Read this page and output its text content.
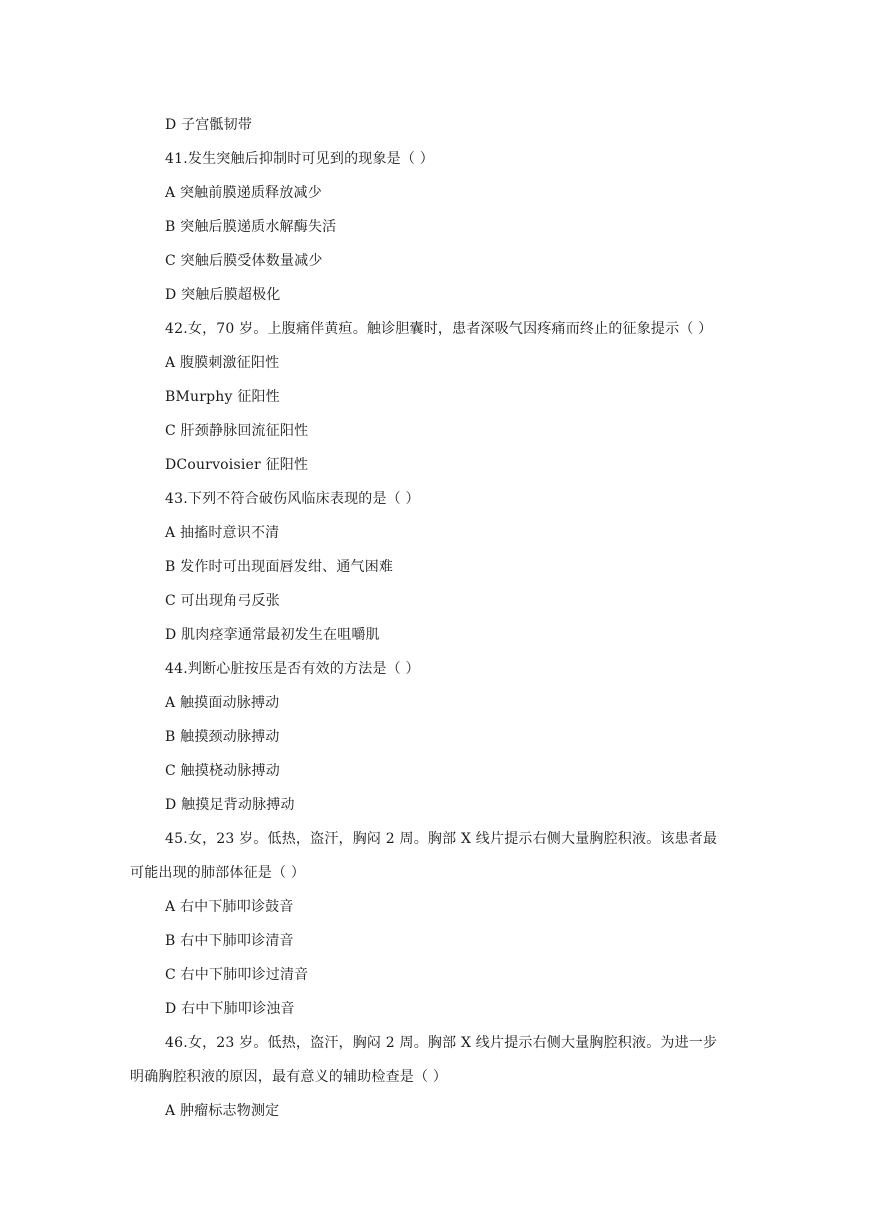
D 子宫骶韧带
41.发生突触后抑制时可见到的现象是（ ）
A 突触前膜递质释放减少
B 突触后膜递质水解酶失活
C 突触后膜受体数量减少
D 突触后膜超极化
42.女，70 岁。上腹痛伴黄疸。触诊胆囊时，患者深吸气因疼痛而终止的征象提示（ ）
A 腹膜刺激征阳性
BMurphy 征阳性
C 肝颈静脉回流征阳性
DCourvoisier 征阳性
43.下列不符合破伤风临床表现的是（ ）
A 抽搐时意识不清
B 发作时可出现面唇发绀、通气困难
C 可出现角弓反张
D 肌肉痉挛通常最初发生在咀嚼肌
44.判断心脏按压是否有效的方法是（ ）
A 触摸面动脉搏动
B 触摸颈动脉搏动
C 触摸桡动脉搏动
D 触摸足背动脉搏动
45.女，23 岁。低热，盗汗，胸闷 2 周。胸部 X 线片提示右侧大量胸腔积液。该患者最
可能出现的肺部体征是（ ）
A 右中下肺叩诊鼓音
B 右中下肺叩诊清音
C 右中下肺叩诊过清音
D 右中下肺叩诊浊音
46.女，23 岁。低热，盗汗，胸闷 2 周。胸部 X 线片提示右侧大量胸腔积液。为进一步
明确胸腔积液的原因，最有意义的辅助检查是（ ）
A 肿瘤标志物测定
